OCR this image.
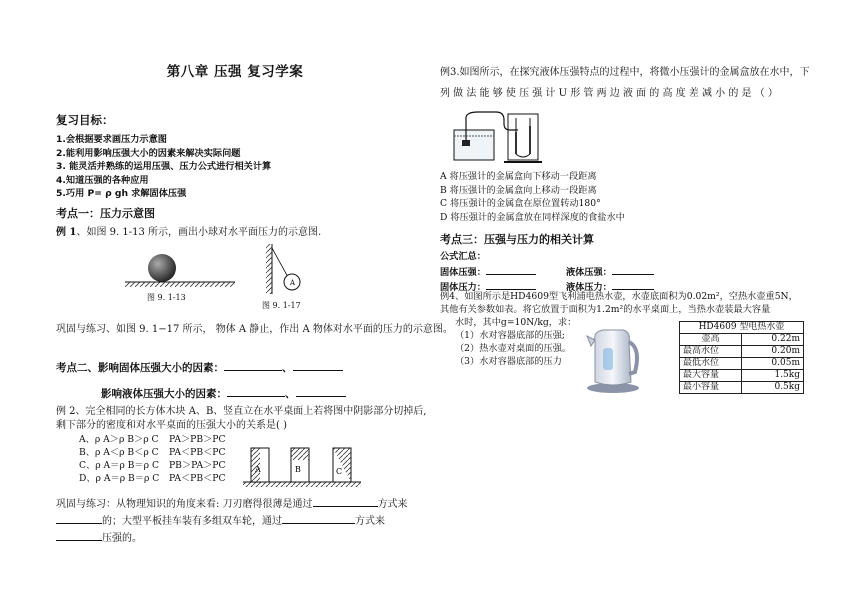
第八章 压强 复习学案
复习目标：
1.会根据要求画压力示意图
2.能利用影响压强大小的因素来解决实际问题
3. 能灵活并熟练的运用压强、压力公式进行相关计算
4.知道压强的各种应用
5.巧用 P= ρ gh 求解固体压强
考点一：压力示意图
例 1、如图 9. 1-13 所示，画出小球对水平面压力的示意图.
图 9. 1-13
A
图 9. 1-17
巩固与练习、如图 9. 1−17 所示， 物体 A 静止，作出 A 物体对水平面的压力的示意图。
考点二、影响固体压强大小的因素：	、
影响液体压强大小的因素：	、
例 2、完全相同的长方体木块 A、B、竖直立在水平桌面上若将图中阴影部分切掉后,
剩下部分的密度和对水平桌面的压强大小的关系是( )
A、ρ A＞ρ B＞ρ C PA＞PB＞PC
B、ρ A＜ρ B＜ρ C PA＜PB＜PC
C、ρ A＝ρ B＝ρ C PB＞PA＞PC
D、ρ A＝ρ B＝ρ C PA＜PB＜PC
A	B	C
巩固与练习：从物理知识的角度来看: 刀刃磨得很薄是通过	方式来
的；大型平板挂车装有多组双车轮，通过	方式来
压强的。
例3.如图所示，在探究液体压强特点的过程中，将微小压强计的金属盒放在水中，下
列 做 法 能 够 使 压 强 计 U 形 管 两 边 液 面 的 高 度 差 减 小 的 是 （ ）
A 将压强计的金属盒向下移动一段距离
B 将压强计的金属盒向上移动一段距离
C 将压强计的金属盒在原位置转动180°
D 将压强计的金属盒放在同样深度的食盐水中
考点三：压强与压力的相关计算
公式汇总：
固体压强：	液体压强：
固体压力：	液体压力：
例4、如图所示是HD4609型飞利浦电热水壶，水壶底面积为0.02m²，空热水壶重5N，
其他有关参数如表。将它放置于面积为1.2m²的水平桌面上，当热水壶装最大容量
水时，其中g=10N/kg，求：
（1）水对容器底部的压强;
（2）热水壶对桌面的压强。
（3）水对容器底部的压力
HD4609 型电热水壶	
壶高	0.22m
最高水位	0.20m
最低水位	0.05m
最大容量	1.5kg
最小容量	0.5kg
